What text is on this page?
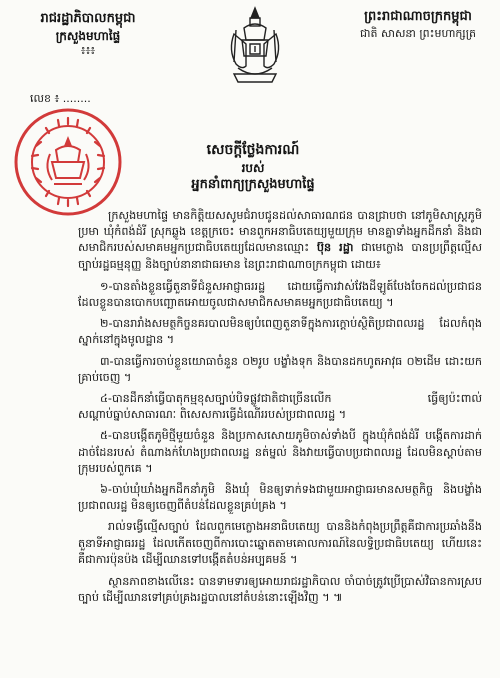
រាជរដ្ឋាភិបាលកម្ពុជា
ក្រសួងមហាផ្ទៃ
៖៖៖
ព្រះរាជាណាចក្រកម្ពុជា
ជាតិ សាសនា ព្រះមហាក្សត្រ
លេខ ៖ ........
សេចក្តីថ្លែងការណ៍
របស់
អ្នកនាំពាក្យក្រសួងមហាផ្ទៃ

ក្រសួងមហាផ្ទៃ មានកិត្តិយសសូមជំរាបជូនដល់សាធារណជន បានជ្រាបថា នៅភូមិសាស្ត្រភូមិប្រមា ឃុំកំពង់ដំរី ស្រុកឆ្លូង ខេត្តក្រចេះ មានពួកអនាធិបតេយ្យមួយក្រុម មានគ្នាទាំងអ្នកដឹកនាំ និងជាសមាជិករបស់សមាគមអ្នកប្រជាធិបតេយ្យដែលមានឈ្មោះ ប៊ុន រដ្ឋា ជាមេក្លោង បានប្រព្រឹត្តល្មើសច្បាប់រដ្ឋធម្មនុញ្ញ និងច្បាប់នានាជាធរមាន នៃព្រះរាជាណាចក្រកម្ពុជា ដោយ៖

១-បានតាំងខ្លួនធ្វើតួនាទីជំនួសអាជ្ញាធររដ្ឋ ដោយធ្វើការវាស់វែងដីឡូត៍បែងចែកដល់ប្រជាជន ដែលខ្លួនបានបោកបញ្ឆោតអោយចូលជាសមាជិកសមាគមអ្នកប្រជាធិបតេយ្យ ។

២-បានរារាំងសមត្ថកិច្ចនគរបាលមិនឲ្យបំពេញតួនាទីក្នុងការក្តោប់ស្ថិតិប្រជាពលរដ្ឋ ដែលកំពុងស្នាក់នៅក្នុងមូលដ្ឋាន ។

៣-បានធ្វើការចាប់ខ្លួនយោធាចំនួន ០២រូប បង្ខាំងទុក និងបានដកហូតអាវុធ ០២ដើម ដោះយកគ្រាប់ចេញ ។

៤-បានដឹកនាំធ្វើបាតុកម្មខុសច្បាប់បិទផ្លូវជាតិជាច្រើនលើក ធ្វើឲ្យប៉ះពាល់សណ្តាប់ធ្នាប់សាធារណៈ ពិសេសការធ្វើដំណើររបស់ប្រជាពលរដ្ឋ ។

៥-បានបង្កើតភូមិថ្មីមួយចំនួន និងប្រកាសសោយភូមិចាស់ទាំងបី ក្នុងឃុំកំពង់ដំរី បង្កើតការដាក់ដាច់ដែនរបស់ តំណាងក់ហែងប្រជាពលរដ្ឋ នត់ម្នល់ និងវាយធ្វើបាបប្រជាពលរដ្ឋ ដែលមិនស្តាប់តាមក្រុមរបស់ពួកគេ ។

៦-ចាប់ឃុំឃាំងអ្នកដឹកនាំភូមិ និងឃុំ មិនឲ្យទាក់ទងជាមួយអាជ្ញាធរមានសមត្ថកិច្ច និងបង្ខាំងប្រជាពលរដ្ឋ មិនឲ្យចេញពីតំបន់ដែលខ្លួនគ្រប់គ្រង ។

រាល់ទង្វើល្មើសច្បាប់ ដែលពួកមេក្លោងអនាធិបតេយ្យ បាននិងកំពុងប្រព្រឹត្តគឺជាការប្រឆាំងនឹងតួនាទីអាជ្ញាធររដ្ឋ ដែលកើតចេញពីការបោះឆ្នោតតាមគោលការណ៍នៃលទ្ធិប្រជាធិបតេយ្យ ហើយនេះ គឺជាការប៉ុនប៉ង ដើម្បីឈានទៅបង្កើតតំបន់អប្បគមន៍ ។

ស្ថានភាពខាងលើនេះ បានទាមទារឲ្យអោយរាជរដ្ឋាភិបាល ចាំបាច់ត្រូវប្រើប្រាស់វិធានការស្របច្បាប់ ដើម្បីឈានទៅគ្រប់គ្រងរដ្ឋបាលនៅតំបន់នោះឡើងវិញ ។ ៕
